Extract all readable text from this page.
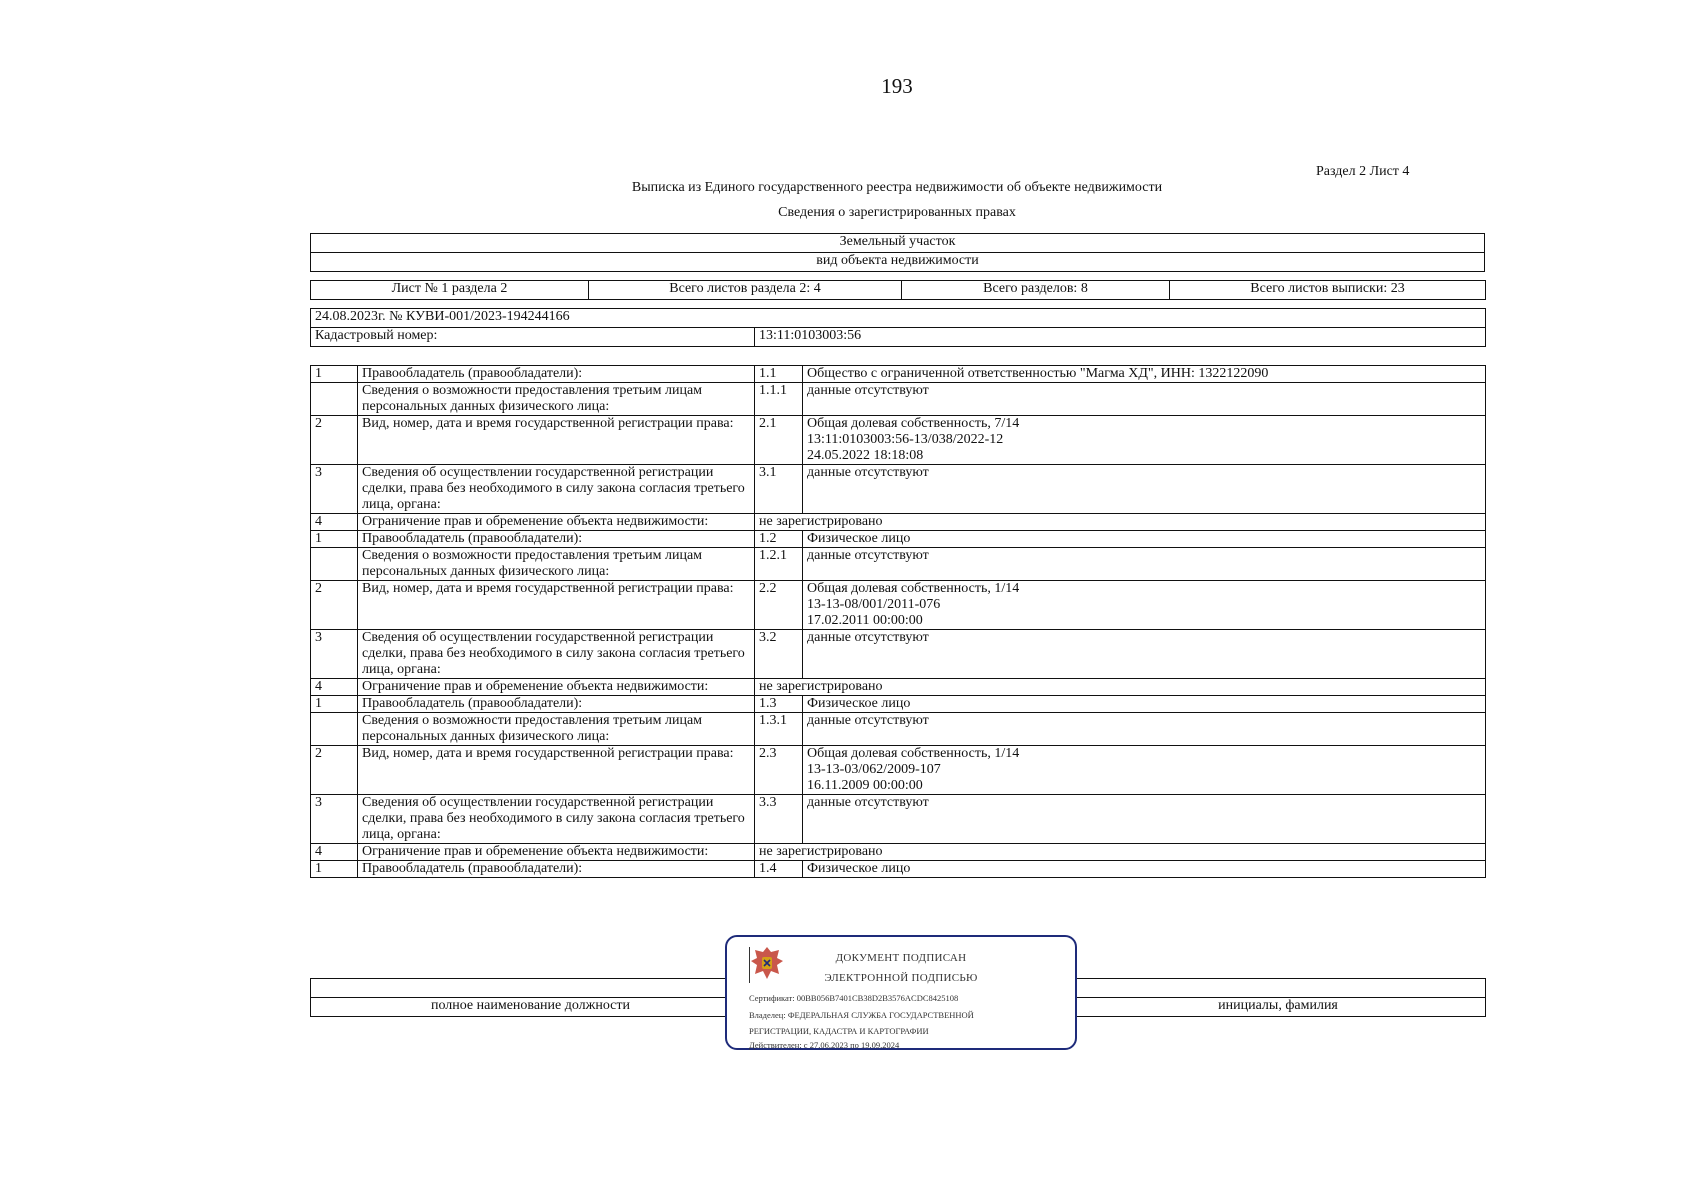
193
Раздел 2 Лист 4
Выписка из Единого государственного реестра недвижимости об объекте недвижимости
Сведения о зарегистрированных правах
Земельный участок
вид объекта недвижимости
Лист № 1 раздела 2	Всего листов раздела 2: 4	Всего разделов: 8	Всего листов выписки: 23
24.08.2023г. № КУВИ-001/2023-194244166
Кадастровый номер:	13:11:0103003:56
1	Правообладатель (правообладатели):	1.1	Общество с ограниченной ответственностью "Магма ХД", ИНН: 1322122090
	Сведения о возможности предоставления третьим лицам персональных данных физического лица:	1.1.1	данные отсутствуют
2	Вид, номер, дата и время государственной регистрации права:	2.1	Общая долевая собственность, 7/14
13:11:0103003:56-13/038/2022-12
24.05.2022 18:18:08

3	Сведения об осуществлении государственной регистрации сделки, права без необходимого в силу закона согласия третьего лица, органа:	3.1	данные отсутствуют
4	Ограничение прав и обременение объекта недвижимости:	не зарегистрировано	
1	Правообладатель (правообладатели):	1.2	Физическое лицо
	Сведения о возможности предоставления третьим лицам персональных данных физического лица:	1.2.1	данные отсутствуют
2	Вид, номер, дата и время государственной регистрации права:	2.2	Общая долевая собственность, 1/14
13-13-08/001/2011-076
17.02.2011 00:00:00

3	Сведения об осуществлении государственной регистрации сделки, права без необходимого в силу закона согласия третьего лица, органа:	3.2	данные отсутствуют
4	Ограничение прав и обременение объекта недвижимости:	не зарегистрировано	
1	Правообладатель (правообладатели):	1.3	Физическое лицо
	Сведения о возможности предоставления третьим лицам персональных данных физического лица:	1.3.1	данные отсутствуют
2	Вид, номер, дата и время государственной регистрации права:	2.3	Общая долевая собственность, 1/14
13-13-03/062/2009-107
16.11.2009 00:00:00

3	Сведения об осуществлении государственной регистрации сделки, права без необходимого в силу закона согласия третьего лица, органа:	3.3	данные отсутствуют
4	Ограничение прав и обременение объекта недвижимости:	не зарегистрировано	
1	Правообладатель (правообладатели):	1.4	Физическое лицо

полное наименование должности		инициалы, фамилия
ДОКУМЕНТ ПОДПИСАН
ЭЛЕКТРОННОЙ ПОДПИСЬЮ
Сертификат: 00BB056B7401CB38D2B3576ACDC8425108
Владелец: ФЕДЕРАЛЬНАЯ СЛУЖБА ГОСУДАРСТВЕННОЙ
РЕГИСТРАЦИИ, КАДАСТРА И КАРТОГРАФИИ
Действителен: с 27.06.2023 по 19.09.2024
